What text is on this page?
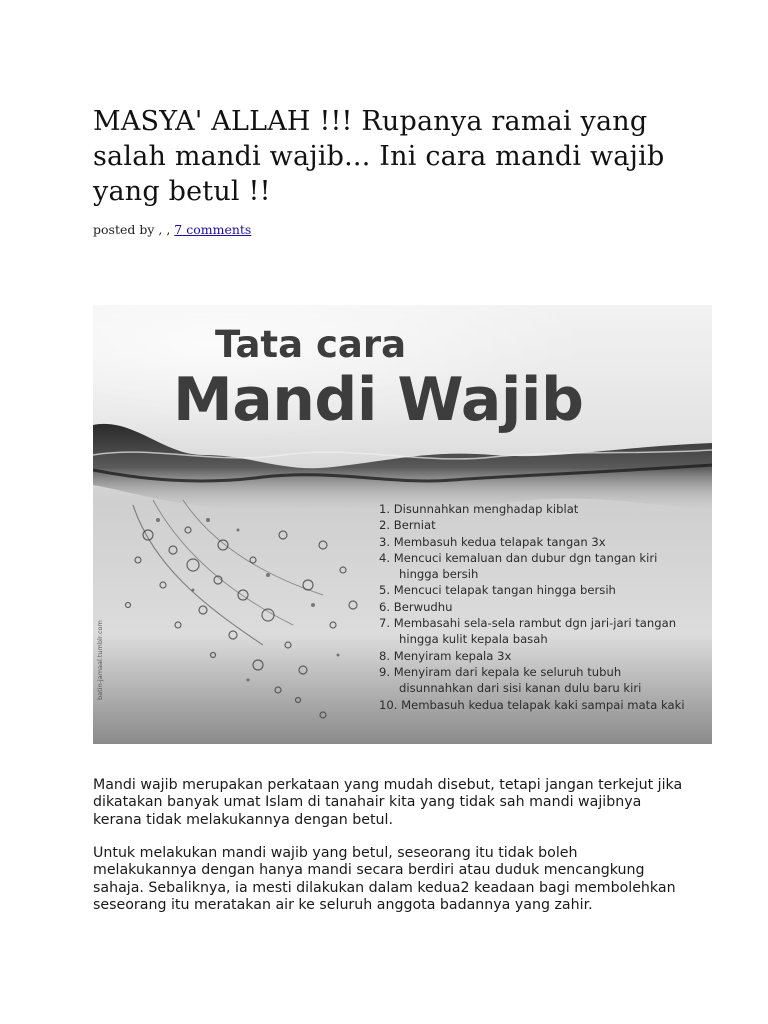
MASYA' ALLAH !!! Rupanya ramai yang salah mandi wajib... Ini cara mandi wajib yang betul !!
posted by , , 7 comments
Tata cara
Mandi Wajib
1. Disunnahkan menghadap kiblat
2. Berniat
3. Membasuh kedua telapak tangan 3x
4. Mencuci kemaluan dan dubur dgn tangan kiri
hingga bersih
5. Mencuci telapak tangan hingga bersih
6. Berwudhu
7. Membasahi sela-sela rambut dgn jari-jari tangan
hingga kulit kepala basah
8. Menyiram kepala 3x
9. Menyiram dari kepala ke seluruh tubuh
disunnahkan dari sisi kanan dulu baru kiri
10. Membasuh kedua telapak kaki sampai mata kaki
batin-jamaal.tumblr.com

Mandi wajib merupakan perkataan yang mudah disebut, tetapi jangan terkejut jika dikatakan banyak umat Islam di tanahair kita yang tidak sah mandi wajibnya kerana tidak melakukannya dengan betul.

Untuk melakukan mandi wajib yang betul, seseorang itu tidak boleh melakukannya dengan hanya mandi secara berdiri atau duduk mencangkung sahaja. Sebaliknya, ia mesti dilakukan dalam kedua2 keadaan bagi membolehkan seseorang itu meratakan air ke seluruh anggota badannya yang zahir.
